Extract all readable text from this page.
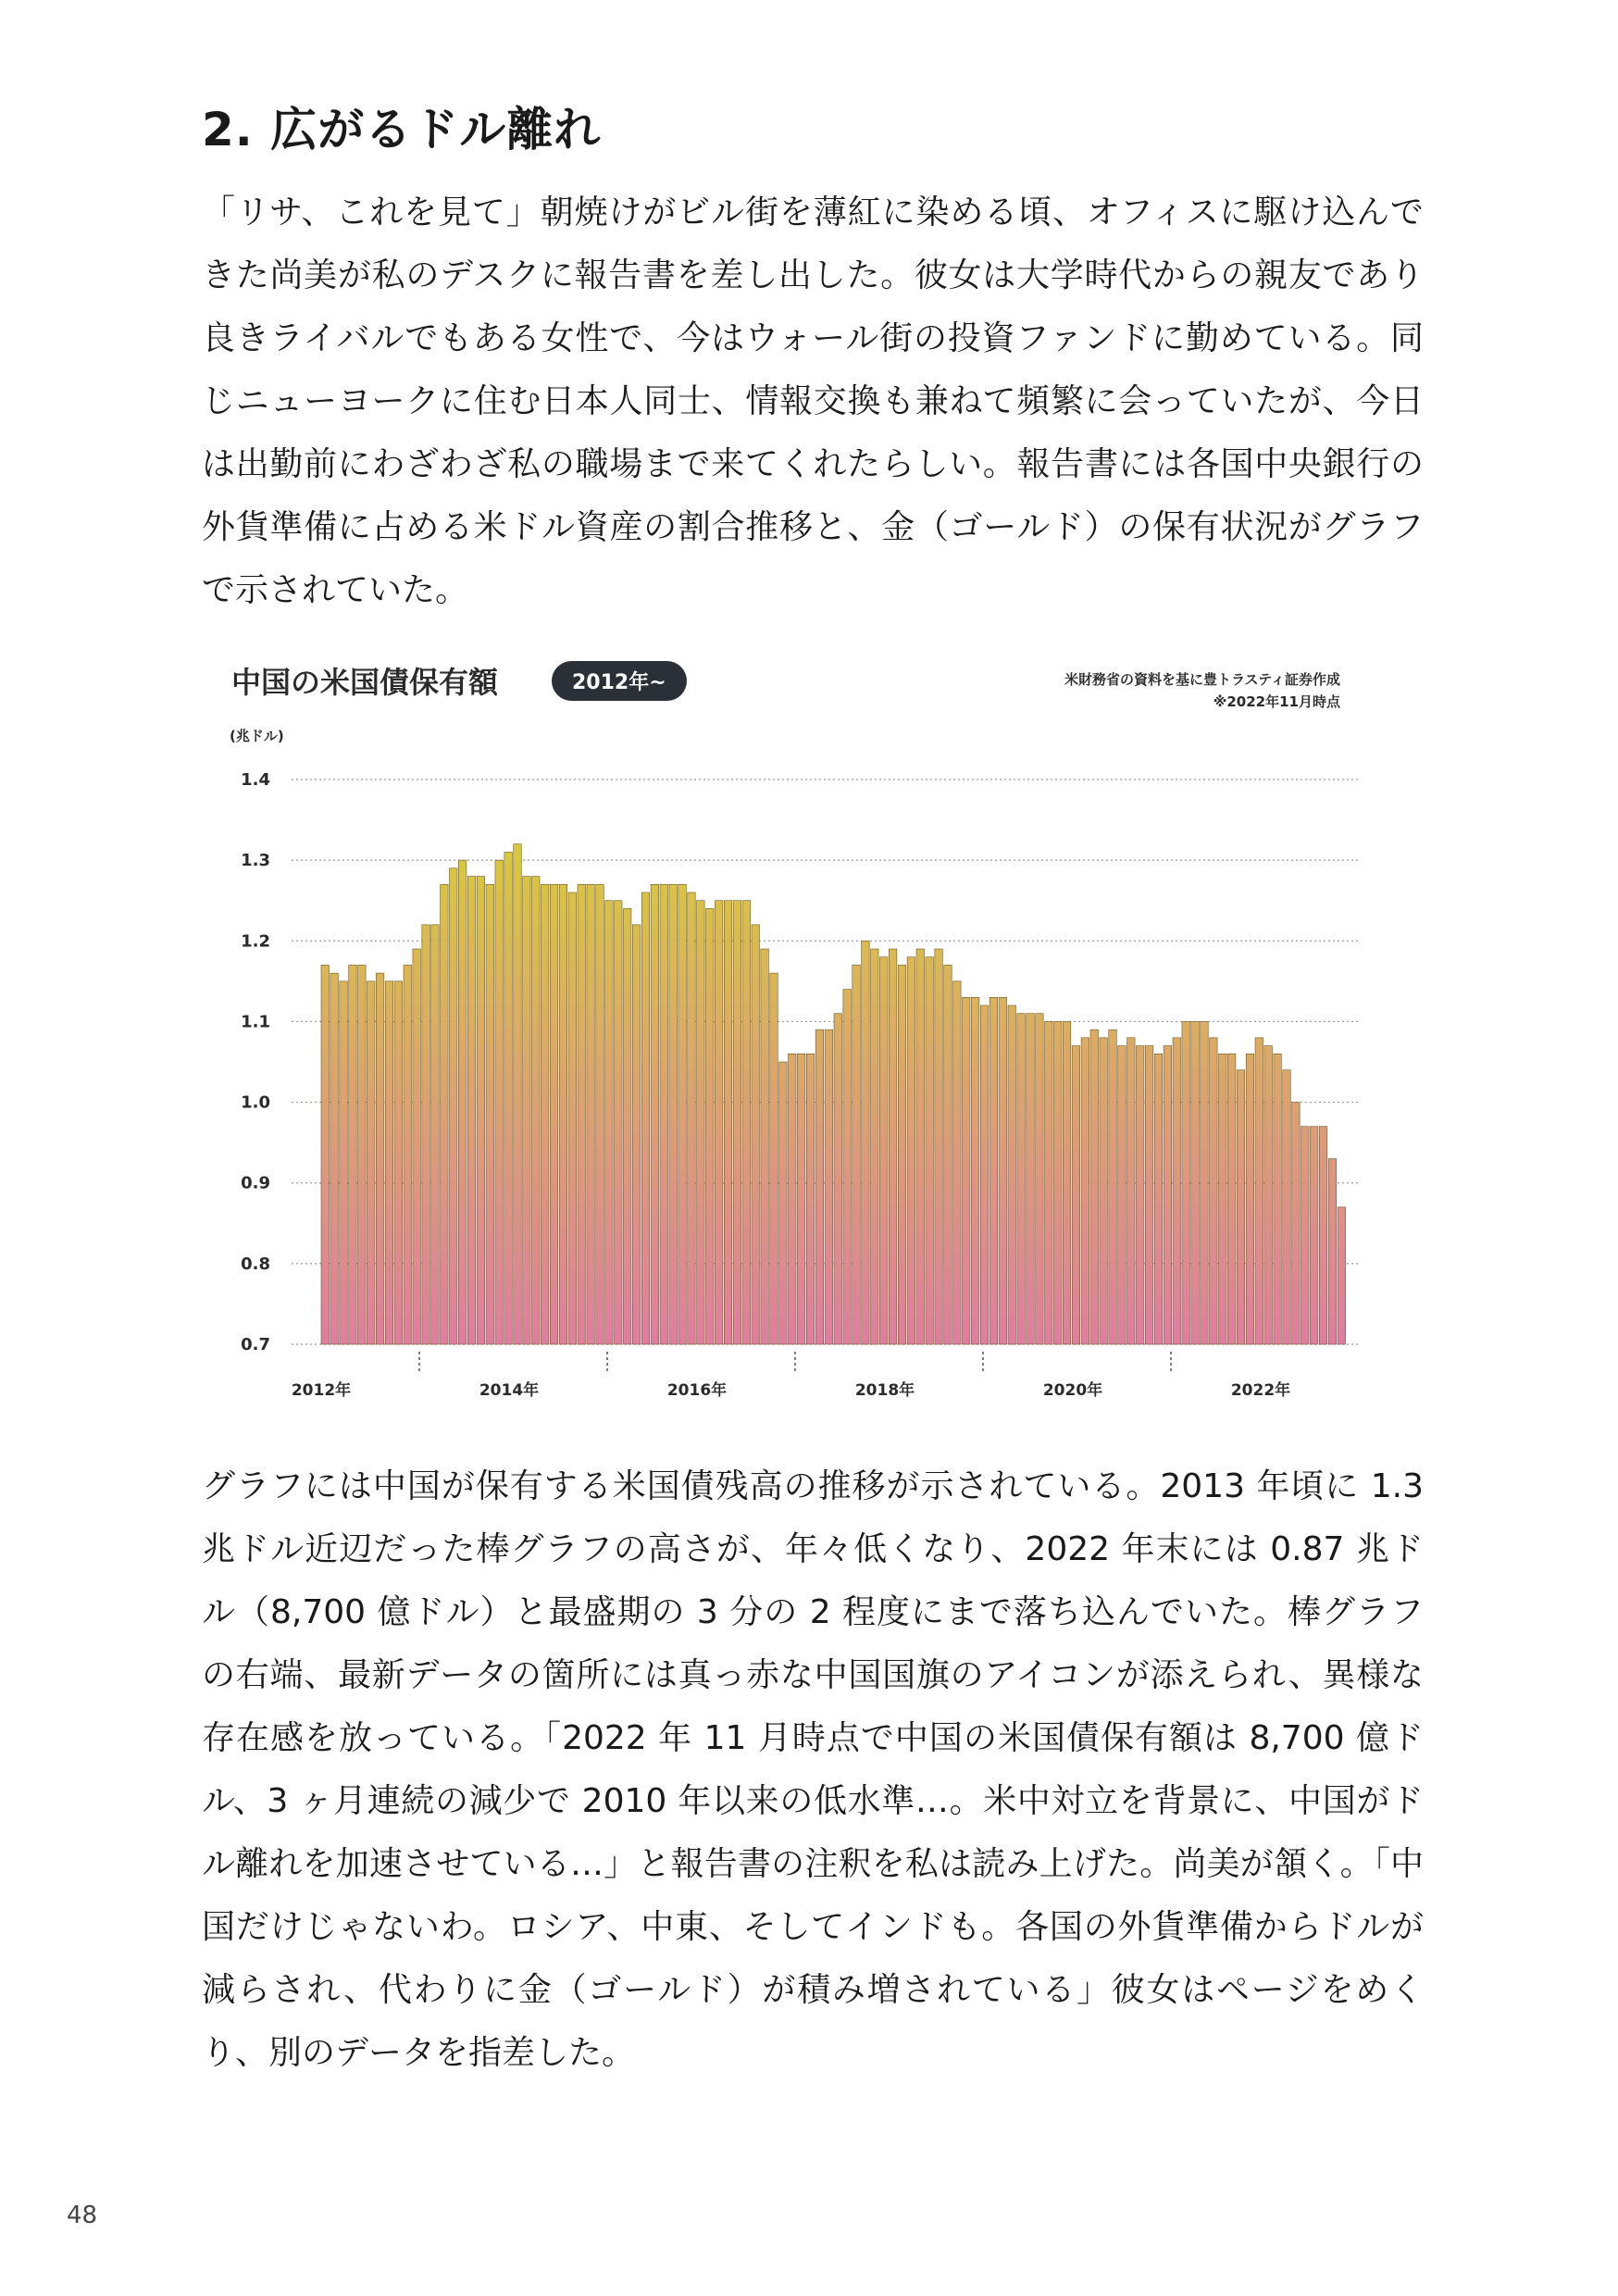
2. 広がるドル離れ

「リサ、これを見て」朝焼けがビル街を薄紅に染める頃、オフィスに駆け込んできた尚美が私のデスクに報告書を差し出した。彼女は大学時代からの親友であり良きライバルでもある女性で、今はウォール街の投資ファンドに勤めている。同じニューヨークに住む日本人同士、情報交換も兼ねて頻繁に会っていたが、今日は出勤前にわざわざ私の職場まで来てくれたらしい。報告書には各国中央銀行の外貨準備に占める米ドル資産の割合推移と、金（ゴールド）の保有状況がグラフで示されていた。

中国の米国債保有額	2012年~	米財務省の資料を基に豊トラスティ証券作成
※2022年11月時点
(兆ドル)
0.7
0.8
0.9
1.0
1.1
1.2
1.3
1.4
2012年	2014年	2016年	2018年	2020年	2022年

グラフには中国が保有する米国債残高の推移が示されている。2013 年頃に 1.3 兆ドル近辺だった棒グラフの高さが、年々低くなり、2022 年末には 0.87 兆ドル（8,700 億ドル）と最盛期の 3 分の 2 程度にまで落ち込んでいた。棒グラフの右端、最新データの箇所には真っ赤な中国国旗のアイコンが添えられ、異様な存在感を放っている。「2022 年 11 月時点で中国の米国債保有額は 8,700 億ドル、3 ヶ月連続の減少で 2010 年以来の低水準…。米中対立を背景に、中国がドル離れを加速させている…」と報告書の注釈を私は読み上げた。尚美が頷く。「中国だけじゃないわ。ロシア、中東、そしてインドも。各国の外貨準備からドルが減らされ、代わりに金（ゴールド）が積み増されている」彼女はページをめくり、別のデータを指差した。

48
